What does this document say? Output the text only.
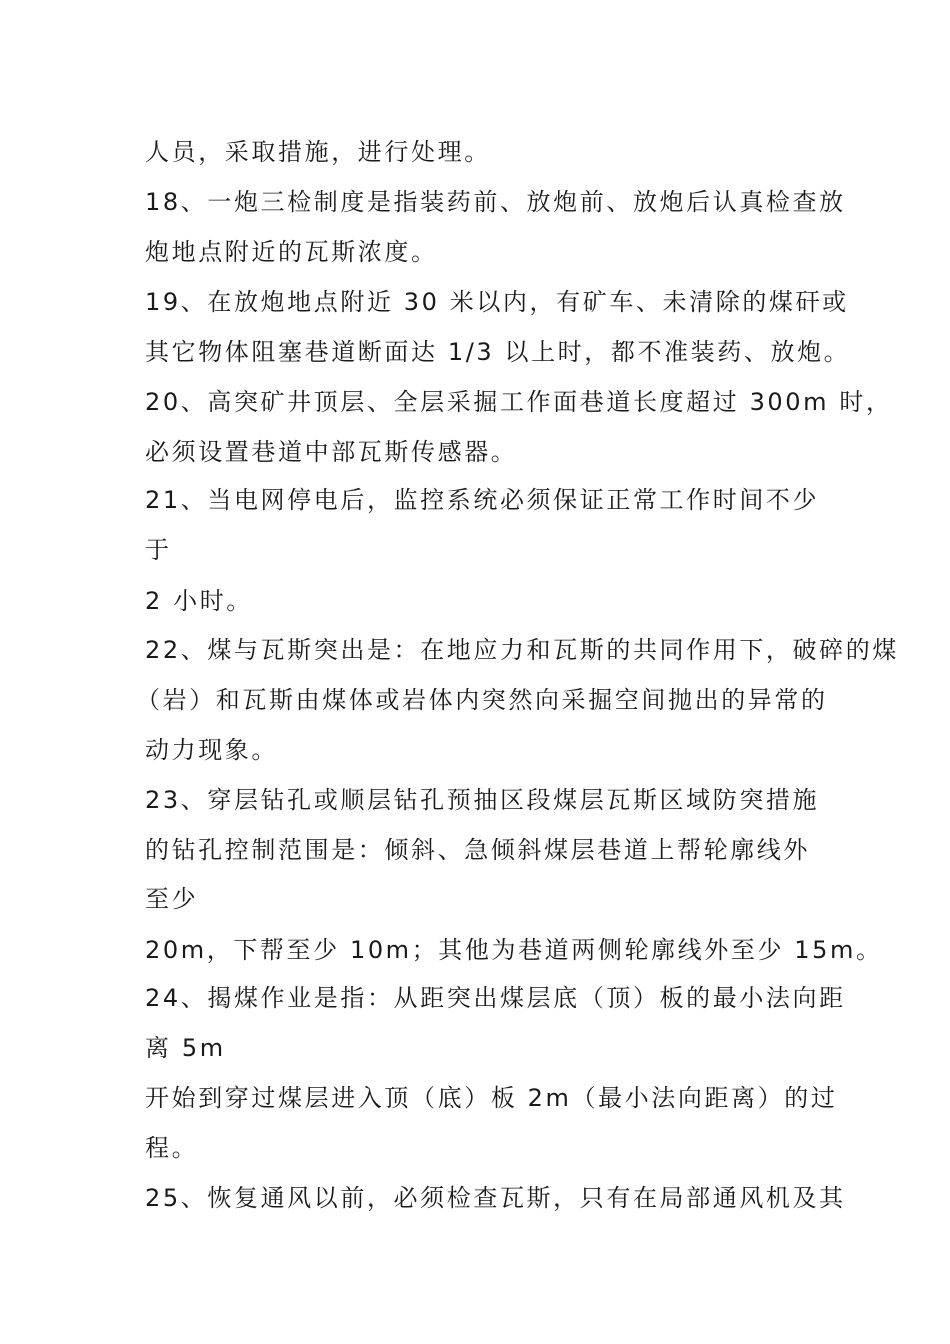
人员，采取措施，进行处理。
18、一炮三检制度是指装药前、放炮前、放炮后认真检查放
炮地点附近的瓦斯浓度。
19、在放炮地点附近 30 米以内，有矿车、未清除的煤矸或
其它物体阻塞巷道断面达 1/3 以上时，都不准装药、放炮。
20、高突矿井顶层、全层采掘工作面巷道长度超过 300m 时，
必须设置巷道中部瓦斯传感器。
21、当电网停电后，监控系统必须保证正常工作时间不少
于
2 小时。
22、煤与瓦斯突出是：在地应力和瓦斯的共同作用下，破碎的煤
（岩）和瓦斯由煤体或岩体内突然向采掘空间抛出的异常的
动力现象。
23、穿层钻孔或顺层钻孔预抽区段煤层瓦斯区域防突措施
的钻孔控制范围是：倾斜、急倾斜煤层巷道上帮轮廓线外
至少
20m，下帮至少 10m；其他为巷道两侧轮廓线外至少 15m。
24、揭煤作业是指：从距突出煤层底（顶）板的最小法向距
离 5m
开始到穿过煤层进入顶（底）板 2m（最小法向距离）的过
程。
25、恢复通风以前，必须检查瓦斯，只有在局部通风机及其
